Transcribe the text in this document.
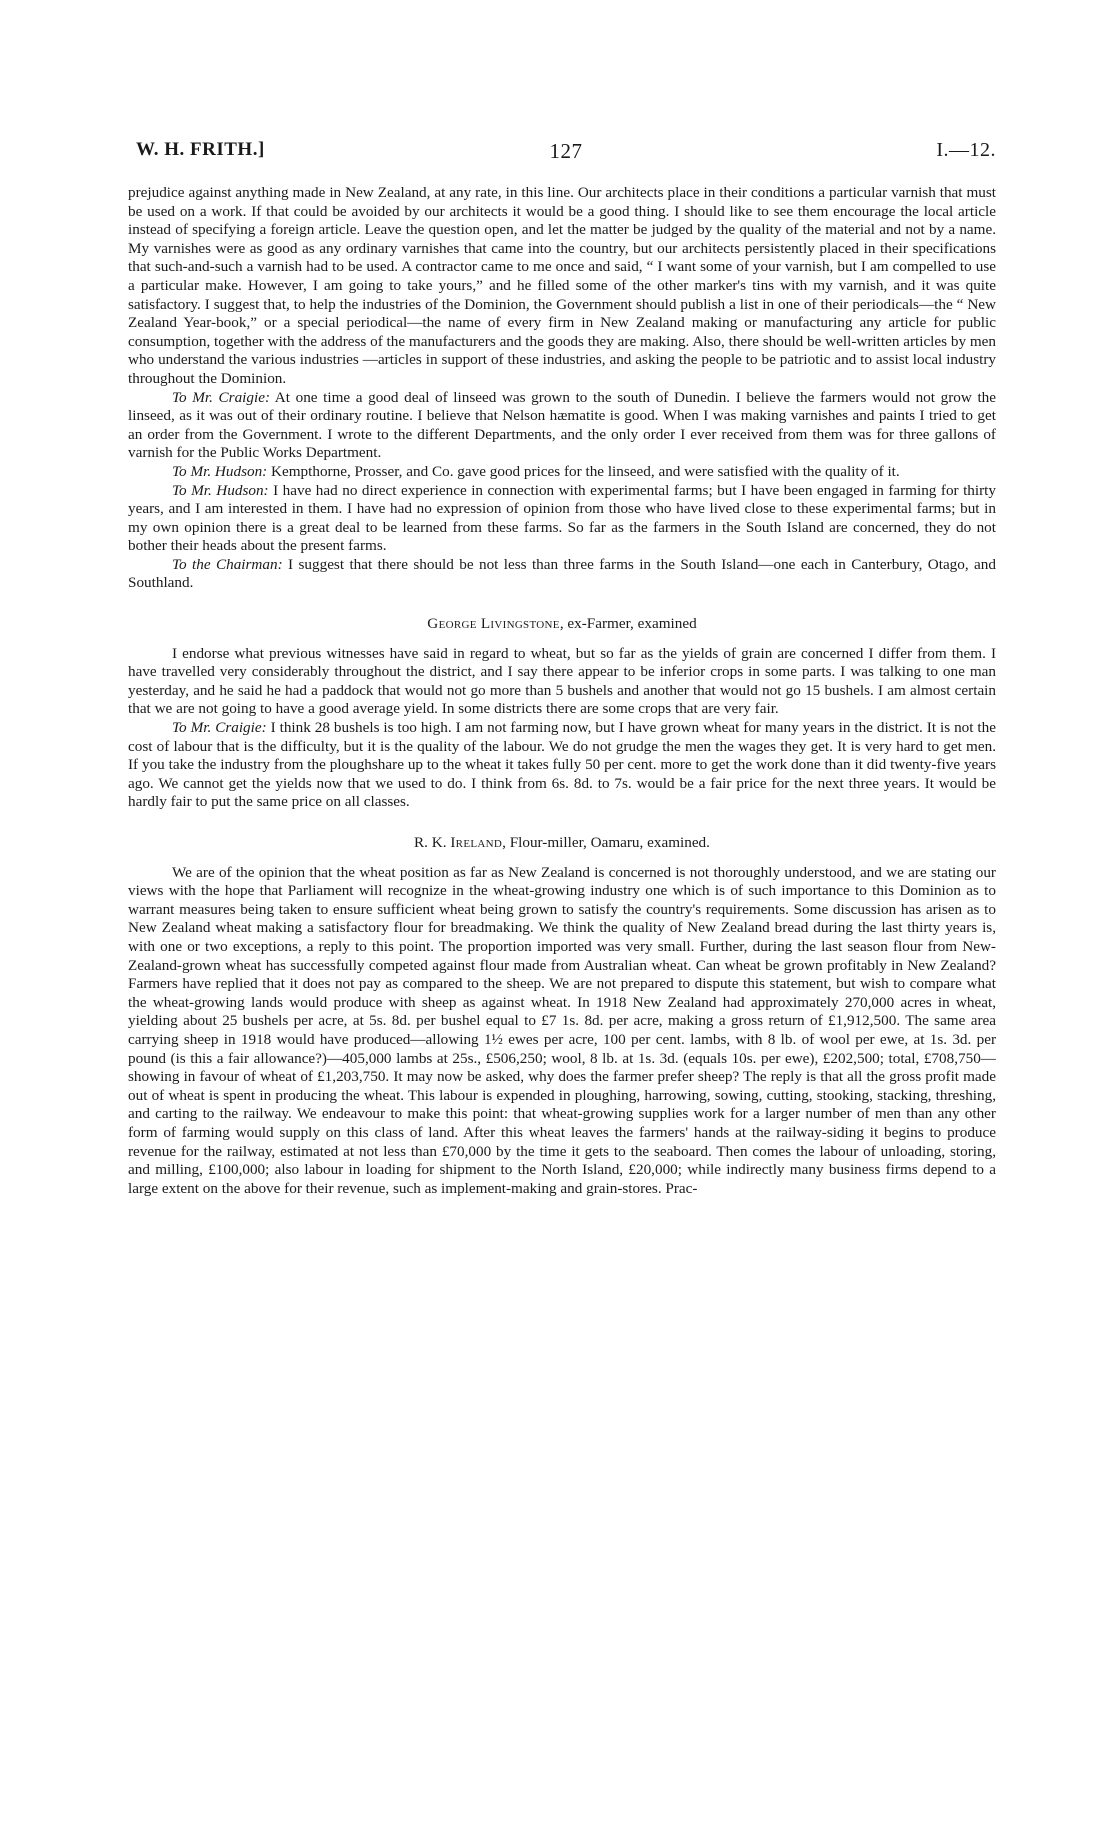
W. H. FRITH.]	127	I.—12.

prejudice against anything made in New Zealand, at any rate, in this line. Our architects place in their conditions a particular varnish that must be used on a work. If that could be avoided by our architects it would be a good thing. I should like to see them encourage the local article instead of specifying a foreign article. Leave the question open, and let the matter be judged by the quality of the material and not by a name. My varnishes were as good as any ordinary varnishes that came into the country, but our architects persistently placed in their specifications that such-and-such a varnish had to be used. A contractor came to me once and said, “ I want some of your varnish, but I am compelled to use a particular make. However, I am going to take yours,” and he filled some of the other marker's tins with my varnish, and it was quite satisfactory. I suggest that, to help the industries of the Dominion, the Government should publish a list in one of their periodicals—the “ New Zealand Year-book,” or a special periodical—the name of every firm in New Zealand making or manufacturing any article for public consumption, together with the address of the manufacturers and the goods they are making. Also, there should be well-written articles by men who understand the various industries —articles in support of these industries, and asking the people to be patriotic and to assist local industry throughout the Dominion.

To Mr. Craigie: At one time a good deal of linseed was grown to the south of Dunedin. I believe the farmers would not grow the linseed, as it was out of their ordinary routine. I believe that Nelson hæmatite is good. When I was making varnishes and paints I tried to get an order from the Government. I wrote to the different Departments, and the only order I ever received from them was for three gallons of varnish for the Public Works Department.

To Mr. Hudson: Kempthorne, Prosser, and Co. gave good prices for the linseed, and were satisfied with the quality of it.

To Mr. Hudson: I have had no direct experience in connection with experimental farms; but I have been engaged in farming for thirty years, and I am interested in them. I have had no expression of opinion from those who have lived close to these experimental farms; but in my own opinion there is a great deal to be learned from these farms. So far as the farmers in the South Island are concerned, they do not bother their heads about the present farms.

To the Chairman: I suggest that there should be not less than three farms in the South Island—one each in Canterbury, Otago, and Southland.

George Livingstone, ex-Farmer, examined

I endorse what previous witnesses have said in regard to wheat, but so far as the yields of grain are concerned I differ from them. I have travelled very considerably throughout the district, and I say there appear to be inferior crops in some parts. I was talking to one man yesterday, and he said he had a paddock that would not go more than 5 bushels and another that would not go 15 bushels. I am almost certain that we are not going to have a good average yield. In some districts there are some crops that are very fair.

To Mr. Craigie: I think 28 bushels is too high. I am not farming now, but I have grown wheat for many years in the district. It is not the cost of labour that is the difficulty, but it is the quality of the labour. We do not grudge the men the wages they get. It is very hard to get men. If you take the industry from the ploughshare up to the wheat it takes fully 50 per cent. more to get the work done than it did twenty-five years ago. We cannot get the yields now that we used to do. I think from 6s. 8d. to 7s. would be a fair price for the next three years. It would be hardly fair to put the same price on all classes.

R. K. Ireland, Flour-miller, Oamaru, examined.

We are of the opinion that the wheat position as far as New Zealand is concerned is not thoroughly understood, and we are stating our views with the hope that Parliament will recognize in the wheat-growing industry one which is of such importance to this Dominion as to warrant measures being taken to ensure sufficient wheat being grown to satisfy the country's requirements. Some discussion has arisen as to New Zealand wheat making a satisfactory flour for breadmaking. We think the quality of New Zealand bread during the last thirty years is, with one or two exceptions, a reply to this point. The proportion imported was very small. Further, during the last season flour from New-Zealand-grown wheat has successfully competed against flour made from Australian wheat. Can wheat be grown profitably in New Zealand? Farmers have replied that it does not pay as compared to the sheep. We are not prepared to dispute this statement, but wish to compare what the wheat-growing lands would produce with sheep as against wheat. In 1918 New Zealand had approximately 270,000 acres in wheat, yielding about 25 bushels per acre, at 5s. 8d. per bushel equal to £7 1s. 8d. per acre, making a gross return of £1,912,500. The same area carrying sheep in 1918 would have produced—allowing 1½ ewes per acre, 100 per cent. lambs, with 8 lb. of wool per ewe, at 1s. 3d. per pound (is this a fair allowance?)—405,000 lambs at 25s., £506,250; wool, 8 lb. at 1s. 3d. (equals 10s. per ewe), £202,500; total, £708,750—showing in favour of wheat of £1,203,750. It may now be asked, why does the farmer prefer sheep? The reply is that all the gross profit made out of wheat is spent in producing the wheat. This labour is expended in ploughing, harrowing, sowing, cutting, stooking, stacking, threshing, and carting to the railway. We endeavour to make this point: that wheat-growing supplies work for a larger number of men than any other form of farming would supply on this class of land. After this wheat leaves the farmers' hands at the railway-siding it begins to produce revenue for the railway, estimated at not less than £70,000 by the time it gets to the seaboard. Then comes the labour of unloading, storing, and milling, £100,000; also labour in loading for shipment to the North Island, £20,000; while indirectly many business firms depend to a large extent on the above for their revenue, such as implement-making and grain-stores. Prac-
